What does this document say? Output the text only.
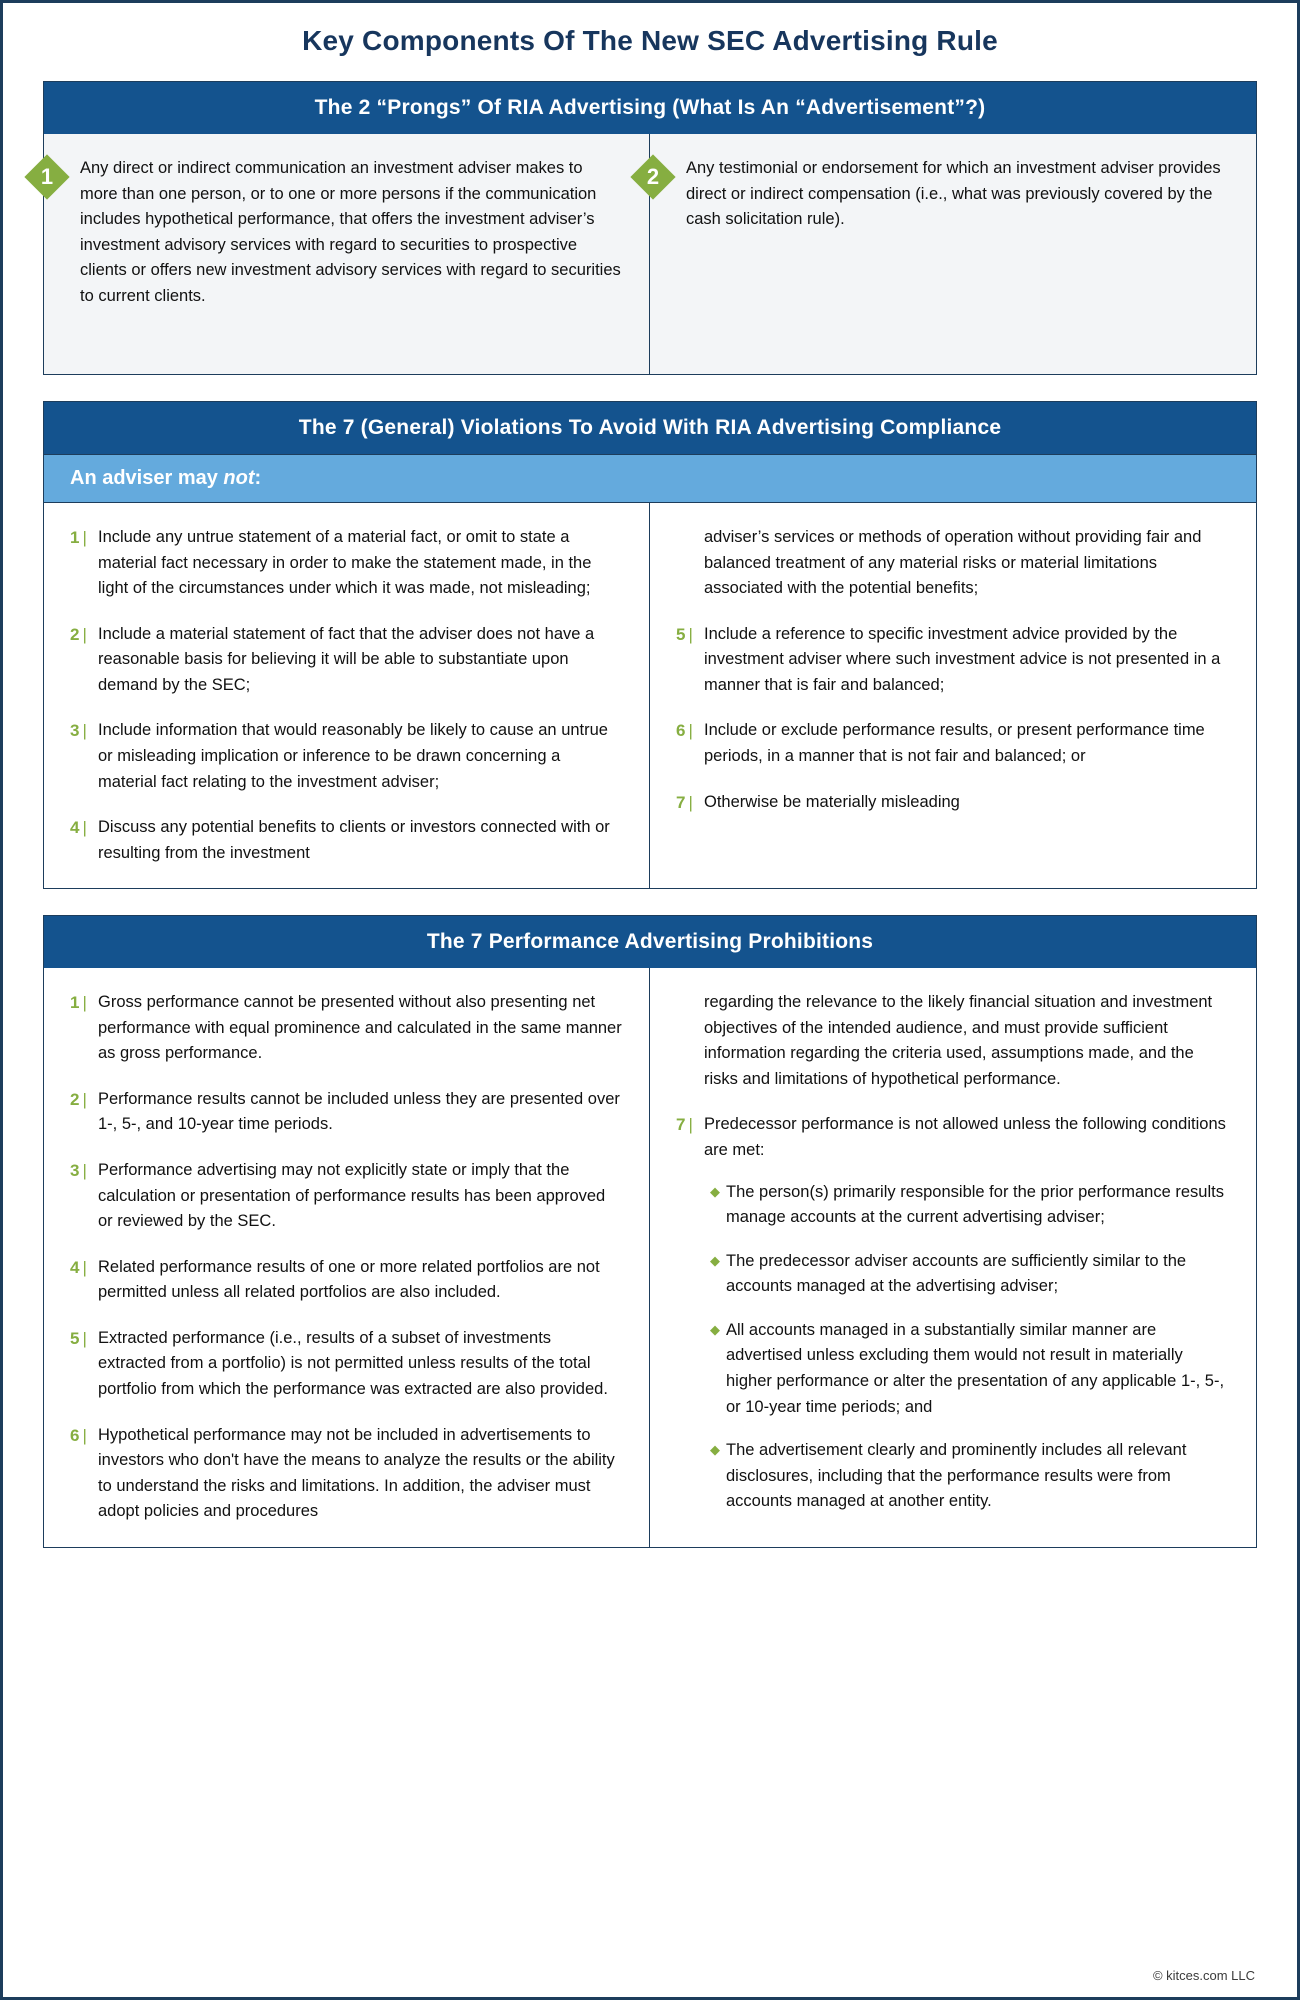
Key Components Of The New SEC Advertising Rule
The 2 “Prongs” Of RIA Advertising (What Is An “Advertisement”?)
1	Any direct or indirect communication an investment adviser makes to more than one person, or to one or more persons if the communication includes hypothetical performance, that offers the investment adviser’s investment advisory services with regard to securities to prospective clients or offers new investment advisory services with regard to securities to current clients.
2	Any testimonial or endorsement for which an investment adviser provides direct or indirect compensation (i.e., what was previously covered by the cash solicitation rule).
The 7 (General) Violations To Avoid With RIA Advertising Compliance
An adviser may not:
1 | Include any untrue statement of a material fact, or omit to state a material fact necessary in order to make the statement made, in the light of the circumstances under which it was made, not misleading;
2 | Include a material statement of fact that the adviser does not have a reasonable basis for believing it will be able to substantiate upon demand by the SEC;
3 | Include information that would reasonably be likely to cause an untrue or misleading implication or inference to be drawn concerning a material fact relating to the investment adviser;
4 | Discuss any potential benefits to clients or investors connected with or resulting from the investment
adviser’s services or methods of operation without providing fair and balanced treatment of any material risks or material limitations associated with the potential benefits;
5 | Include a reference to specific investment advice provided by the investment adviser where such investment advice is not presented in a manner that is fair and balanced;
6 | Include or exclude performance results, or present performance time periods, in a manner that is not fair and balanced; or
7 | Otherwise be materially misleading
The 7 Performance Advertising Prohibitions
1 | Gross performance cannot be presented without also presenting net performance with equal prominence and calculated in the same manner as gross performance.
2 | Performance results cannot be included unless they are presented over 1-, 5-, and 10-year time periods.
3 | Performance advertising may not explicitly state or imply that the calculation or presentation of performance results has been approved or reviewed by the SEC.
4 | Related performance results of one or more related portfolios are not permitted unless all related portfolios are also included.
5 | Extracted performance (i.e., results of a subset of investments extracted from a portfolio) is not permitted unless results of the total portfolio from which the performance was extracted are also provided.
6 | Hypothetical performance may not be included in advertisements to investors who don't have the means to analyze the results or the ability to understand the risks and limitations. In addition, the adviser must adopt policies and procedures
regarding the relevance to the likely financial situation and investment objectives of the intended audience, and must provide sufficient information regarding the criteria used, assumptions made, and the risks and limitations of hypothetical performance.
7 | Predecessor performance is not allowed unless the following conditions are met:
◆ The person(s) primarily responsible for the prior performance results manage accounts at the current advertising adviser;
◆ The predecessor adviser accounts are sufficiently similar to the accounts managed at the advertising adviser;
◆ All accounts managed in a substantially similar manner are advertised unless excluding them would not result in materially higher performance or alter the presentation of any applicable 1-, 5-, or 10-year time periods; and
◆ The advertisement clearly and prominently includes all relevant disclosures, including that the performance results were from accounts managed at another entity.
© kitces.com LLC
